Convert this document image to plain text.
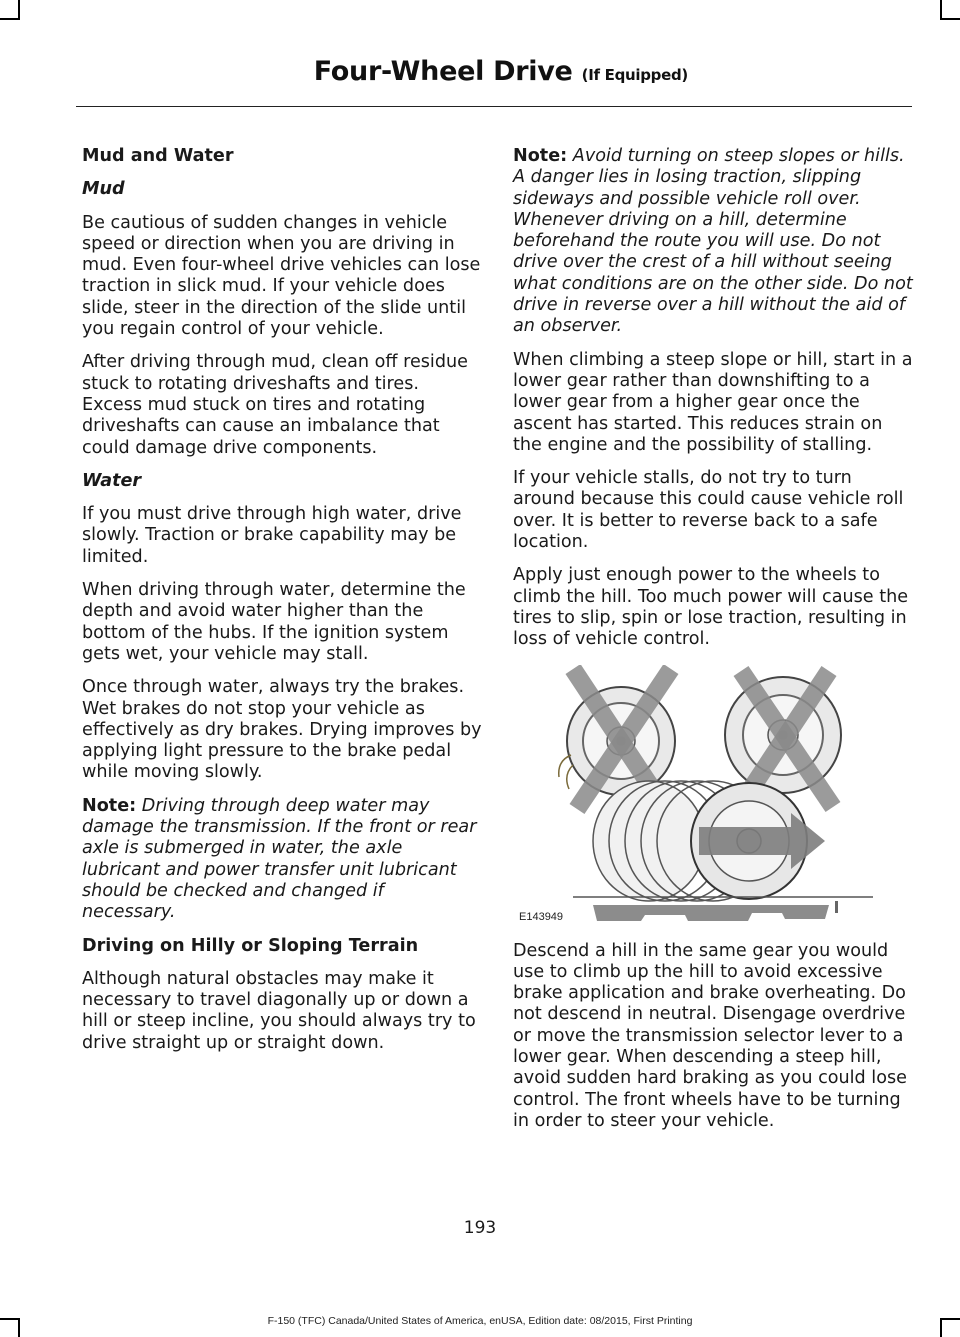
Four-Wheel Drive (If Equipped)
Mud and Water

Mud

Be cautious of sudden changes in vehicle speed or direction when you are driving in mud. Even four-wheel drive vehicles can lose traction in slick mud. If your vehicle does slide, steer in the direction of the slide until you regain control of your vehicle.

After driving through mud, clean off residue stuck to rotating driveshafts and tires. Excess mud stuck on tires and rotating driveshafts can cause an imbalance that could damage drive components.

Water

If you must drive through high water, drive slowly. Traction or brake capability may be limited.

When driving through water, determine the depth and avoid water higher than the bottom of the hubs. If the ignition system gets wet, your vehicle may stall.

Once through water, always try the brakes. Wet brakes do not stop your vehicle as effectively as dry brakes. Drying improves by applying light pressure to the brake pedal while moving slowly.

Note: Driving through deep water may damage the transmission. If the front or rear axle is submerged in water, the axle lubricant and power transfer unit lubricant should be checked and changed if necessary.

Driving on Hilly or Sloping Terrain

Although natural obstacles may make it necessary to travel diagonally up or down a hill or steep incline, you should always try to drive straight up or straight down.

Note: Avoid turning on steep slopes or hills. A danger lies in losing traction, slipping sideways and possible vehicle roll over. Whenever driving on a hill, determine beforehand the route you will use. Do not drive over the crest of a hill without seeing what conditions are on the other side. Do not drive in reverse over a hill without the aid of an observer.

When climbing a steep slope or hill, start in a lower gear rather than downshifting to a lower gear from a higher gear once the ascent has started. This reduces strain on the engine and the possibility of stalling.

If your vehicle stalls, do not try to turn around because this could cause vehicle roll over. It is better to reverse back to a safe location.

Apply just enough power to the wheels to climb the hill. Too much power will cause the tires to slip, spin or lose traction, resulting in loss of vehicle control.

E143949

Descend a hill in the same gear you would use to climb up the hill to avoid excessive brake application and brake overheating. Do not descend in neutral. Disengage overdrive or move the transmission selector lever to a lower gear. When descending a steep hill, avoid sudden hard braking as you could lose control. The front wheels have to be turning in order to steer your vehicle.

193
F-150 (TFC) Canada/United States of America, enUSA, Edition date: 08/2015, First Printing
